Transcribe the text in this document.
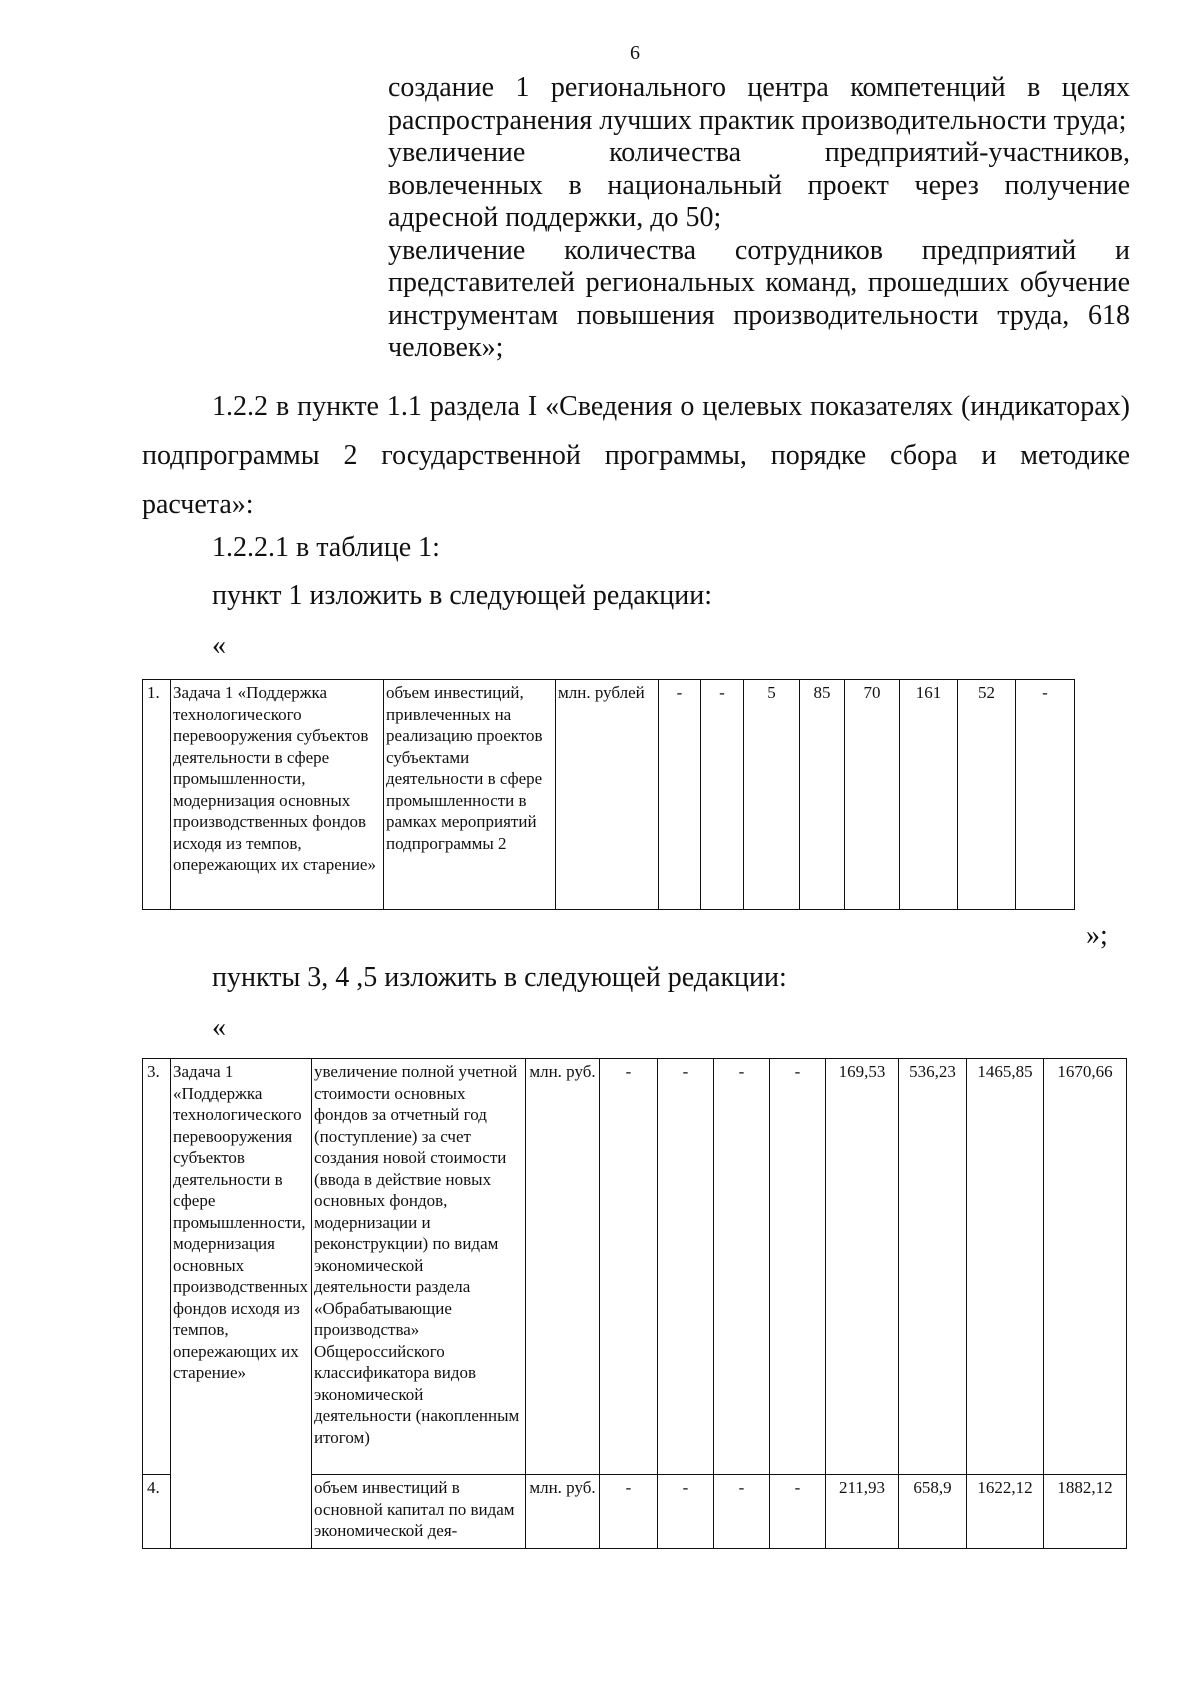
6

создание 1 регионального центра компетенций в целях распространения лучших практик производительности труда;

увеличение количества предприятий-участников, вовлеченных в национальный проект через получение адресной поддержки, до 50;

увеличение количества сотрудников предприятий и представителей региональных команд, прошедших обучение инструментам повышения производительности труда, 618 человек»;

1.2.2 в пункте 1.1 раздела I «Сведения о целевых показателях (индикаторах) подпрограммы 2 государственной программы, порядке сбора и методике расчета»:

1.2.2.1 в таблице 1:

пункт 1 изложить в следующей редакции:

«
1.	Задача 1 «Поддержка технологического перевооружения субъектов деятельности в сфере промышленности, модернизация основных производственных фондов исходя из темпов, опережающих их старение»	объем инвестиций, привлеченных на реализацию проектов субъектами деятельности в сфере промышленности в рамках мероприятий подпрограммы 2	млн. рублей	-	-	5	85	70	161	52	-
»;

пункты 3, 4 ,5 изложить в следующей редакции:

«
3.	Задача 1 «Поддержка технологического перевооружения субъектов деятельности в сфере промышленности, модернизация основных производственных фондов исходя из темпов, опережающих их старение»	увеличение полной учетной стоимости основных фондов за отчетный год (поступление) за счет создания новой стоимости (ввода в действие новых основных фондов, модернизации и реконструкции) по видам экономической деятельности раздела «Обрабатывающие производства» Общероссийского классификатора видов экономической деятельности (накопленным итогом)	млн. руб.	-	-	-	-	169,53	536,23	1465,85	1670,66
4.		объем инвестиций в основной капитал по видам экономической дея-	млн. руб.	-	-	-	-	211,93	658,9	1622,12	1882,12
